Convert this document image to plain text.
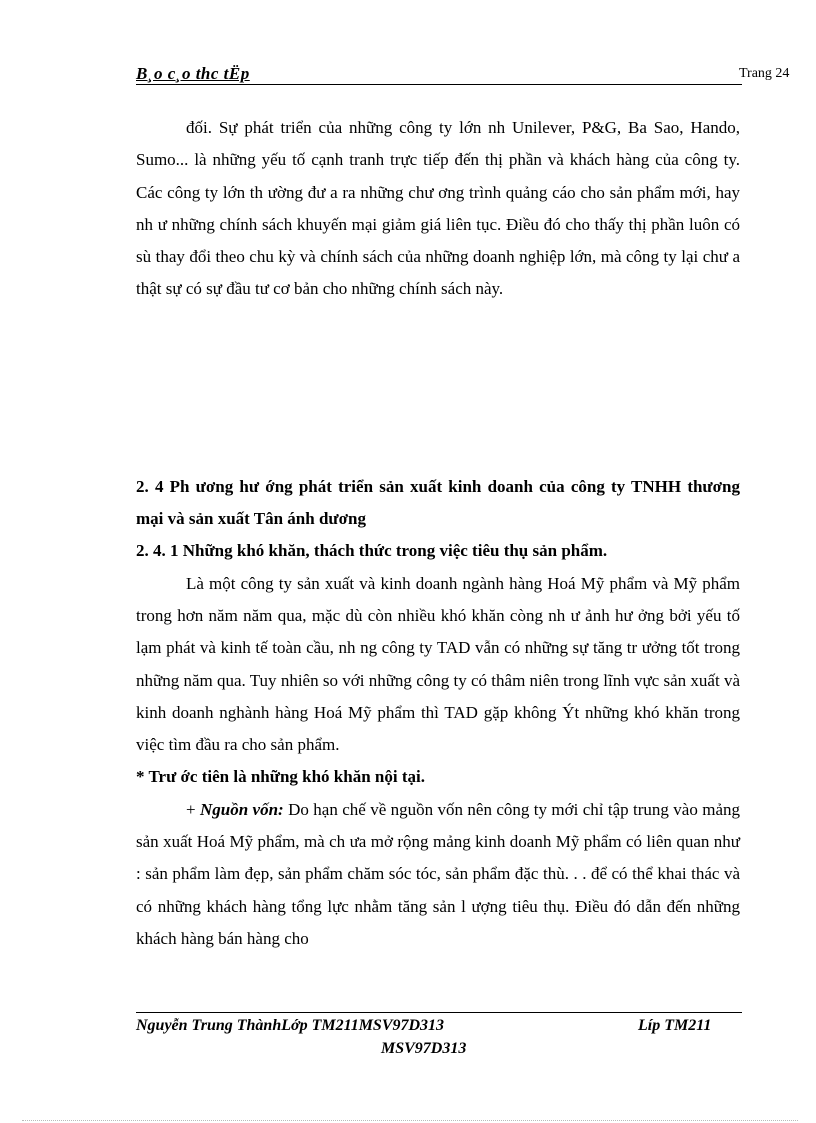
B¸o c¸o thc tËp	Trang 24

đối. Sự phát triển của những công ty lớn nh Unilever, P&G, Ba Sao, Hando, Sumo... là những yếu tố cạnh tranh trực tiếp đến thị phần và khách hàng của công ty. Các công ty lớn th ường đư a ra những chư ơng trình quảng cáo cho sản phẩm mới, hay nh ư những chính sách khuyến mại giảm giá liên tục. Điều đó cho thấy thị phần luôn có sù thay đổi theo chu kỳ và chính sách của những doanh nghiệp lớn, mà công ty lại chư a thật sự có sự đầu tư cơ bản cho những chính sách này.

2. 4 Ph ương hư ớng phát triển sản xuất kinh doanh của công ty TNHH thương mại và sản xuất Tân ánh dương

2. 4. 1 Những khó khăn, thách thức trong việc tiêu thụ sản phẩm.

Là một công ty sản xuất và kinh doanh ngành hàng Hoá Mỹ phẩm và Mỹ phẩm trong hơn năm năm qua, mặc dù còn nhiều khó khăn còng nh ư ảnh hư ởng bởi yếu tố lạm phát và kinh tế toàn cầu, nh ng công ty TAD vẫn có những sự tăng tr ưởng tốt trong những năm qua. Tuy nhiên so với những công ty có thâm niên trong lĩnh vực sản xuất và kinh doanh nghành hàng Hoá Mỹ phẩm thì TAD gặp không Ýt những khó khăn trong việc tìm đầu ra cho sản phẩm.

* Trư ớc tiên là những khó khăn nội tại.

+ Nguồn vốn: Do hạn chế về nguồn vốn nên công ty mới chỉ tập trung vào mảng sản xuất Hoá Mỹ phẩm, mà ch ưa mở rộng mảng kinh doanh Mỹ phẩm có liên quan như : sản phẩm làm đẹp, sản phẩm chăm sóc tóc, sản phẩm đặc thù. . . để có thể khai thác và có những khách hàng tổng lực nhằm tăng sản l ượng tiêu thụ. Điều đó dẫn đến những khách hàng bán hàng cho

Nguyễn Trung ThànhLớp TM211MSV97D313	Líp TM211
MSV97D313
